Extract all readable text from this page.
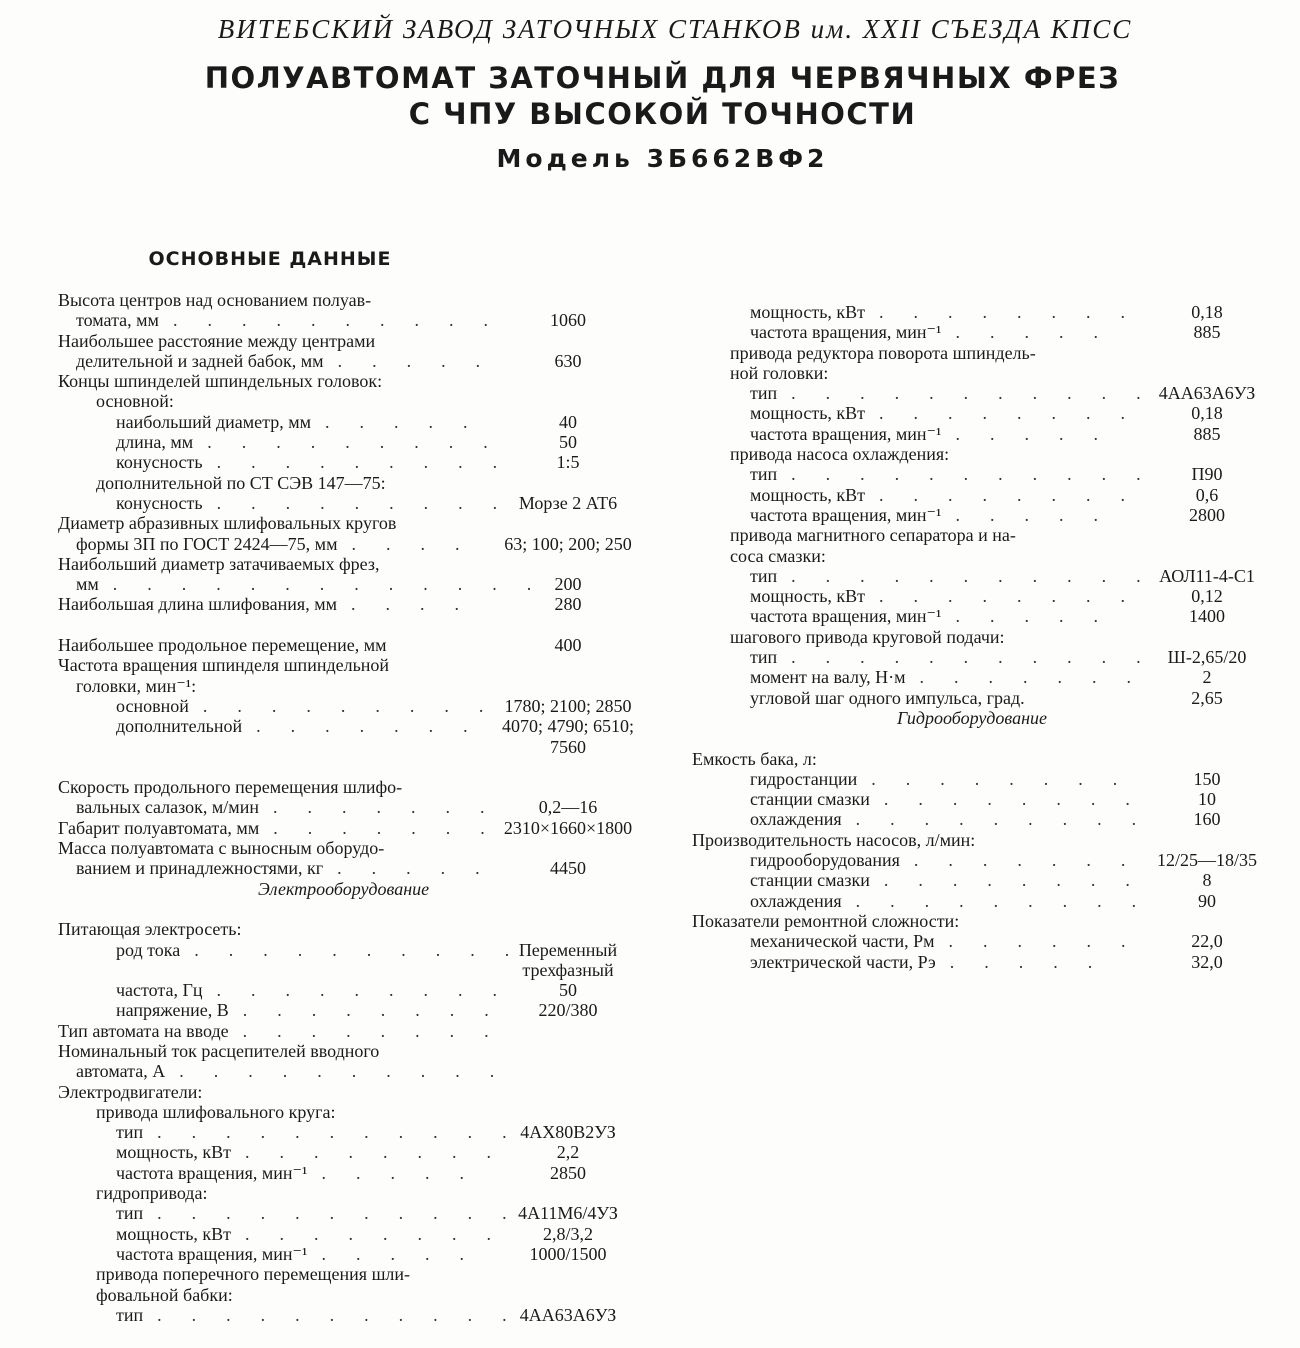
ВИТЕБСКИЙ ЗАВОД ЗАТОЧНЫХ СТАНКОВ им. XXII СЪЕЗДА КПСС
ПОЛУАВТОМАТ ЗАТОЧНЫЙ ДЛЯ ЧЕРВЯЧНЫХ ФРЕЗ
С ЧПУ ВЫСОКОЙ ТОЧНОСТИ
Модель 3Б662ВФ2
ОСНОВНЫЕ ДАННЫЕ
Высота центров над основанием полуав-
томата, мм	1060
.  .  .  .  .  .  .  .  .  .  
Наибольшее расстояние между центрами
делительной и задней бабок, мм	630
.  .  .  .  .  
Концы шпинделей шпиндельных головок:
основной:
наибольший диаметр, мм	40
.  .  .  .  .  
длина, мм	50
.  .  .  .  .  .  .  .  .  
конусность	1:5
.  .  .  .  .  .  .  .  .  
дополнительной по СТ СЭВ 147—75:
конусность	Морзе 2 АТ6
.  .  .  .  .  .  .  .  .  
Диаметр абразивных шлифовальных кругов
формы 3П по ГОСТ 2424—75, мм	63; 100; 200; 250
.  .  .  .  
Наибольший диаметр затачиваемых фрез,
мм	200
.  .  .  .  .  .  .  .  .  .  .  .  .  
Наибольшая длина шлифования, мм	280
.  .  .  .  
Наибольшее продольное перемещение, мм	400
Частота вращения шпинделя шпиндельной
головки, мин⁻¹:
основной	1780; 2100; 2850
.  .  .  .  .  .  .  .  .  
дополнительной	4070; 4790; 6510;
.  .  .  .  .  .  .  
7560
Скорость продольного перемещения шлифо-
вальных салазок, м/мин	0,2—16
.  .  .  .  .  .  .  
Габарит полуавтомата, мм	2310×1660×1800
.  .  .  .  .  .  .  
Масса полуавтомата с выносным оборудо-
ванием и принадлежностями, кг	4450
.  .  .  .  .  
Электрооборудование
Питающая электросеть:
род тока	Переменный
.  .  .  .  .  .  .  .  .  .  
трехфазный
частота, Гц	50
.  .  .  .  .  .  .  .  .  
напряжение, В	220/380
.  .  .  .  .  .  .  .  
Тип автомата на вводе .  .  .  .  .  .  .  .  
Номинальный ток расцепителей вводного
автомата, А .  .  .  .  .  .  .  .  .  .  
Электродвигатели:
привода шлифовального круга:
тип	4АХ80В2УЗ
.  .  .  .  .  .  .  .  .  .  .  
мощность, кВт	2,2
.  .  .  .  .  .  .  .  
частота вращения, мин⁻¹	2850
.  .  .  .  .  
гидропривода:
тип	4А11М6/4УЗ
.  .  .  .  .  .  .  .  .  .  .  
мощность, кВт	2,8/3,2
.  .  .  .  .  .  .  .  
частота вращения, мин⁻¹	1000/1500
.  .  .  .  .  
привода поперечного перемещения шли-
фовальной бабки:
тип	4АА63А6УЗ
.  .  .  .  .  .  .  .  .  .  .  
мощность, кВт	0,18
.  .  .  .  .  .  .  .  
частота вращения, мин⁻¹	885
.  .  .  .  .  
привода редуктора поворота шпиндель-
ной головки:
тип	4АА63А6УЗ
.  .  .  .  .  .  .  .  .  .  .  
мощность, кВт	0,18
.  .  .  .  .  .  .  .  
частота вращения, мин⁻¹	885
.  .  .  .  .  
привода насоса охлаждения:
тип	П90
.  .  .  .  .  .  .  .  .  .  .  
мощность, кВт	0,6
.  .  .  .  .  .  .  .  
частота вращения, мин⁻¹	2800
.  .  .  .  .  
привода магнитного сепаратора и на-
соса смазки:
тип	АОЛ11-4-С1
.  .  .  .  .  .  .  .  .  .  .  
мощность, кВт	0,12
.  .  .  .  .  .  .  .  
частота вращения, мин⁻¹	1400
.  .  .  .  .  
шагового привода круговой подачи:
тип	Ш-2,65/20
.  .  .  .  .  .  .  .  .  .  .  
момент на валу, Н·м	2
.  .  .  .  .  .  .  
угловой шаг одного импульса, град.	2,65
Гидрооборудование
Емкость бака, л:
гидростанции	150
.  .  .  .  .  .  .  .  
станции смазки	10
.  .  .  .  .  .  .  .  
охлаждения	160
.  .  .  .  .  .  .  .  .  
Производительность насосов, л/мин:
гидрооборудования	12/25—18/35
.  .  .  .  .  .  .  
станции смазки	8
.  .  .  .  .  .  .  .  
охлаждения	90
.  .  .  .  .  .  .  .  .  
Показатели ремонтной сложности:
механической части, Рм	22,0
.  .  .  .  .  .  
электрической части, Рэ	32,0
.  .  .  .  .  
